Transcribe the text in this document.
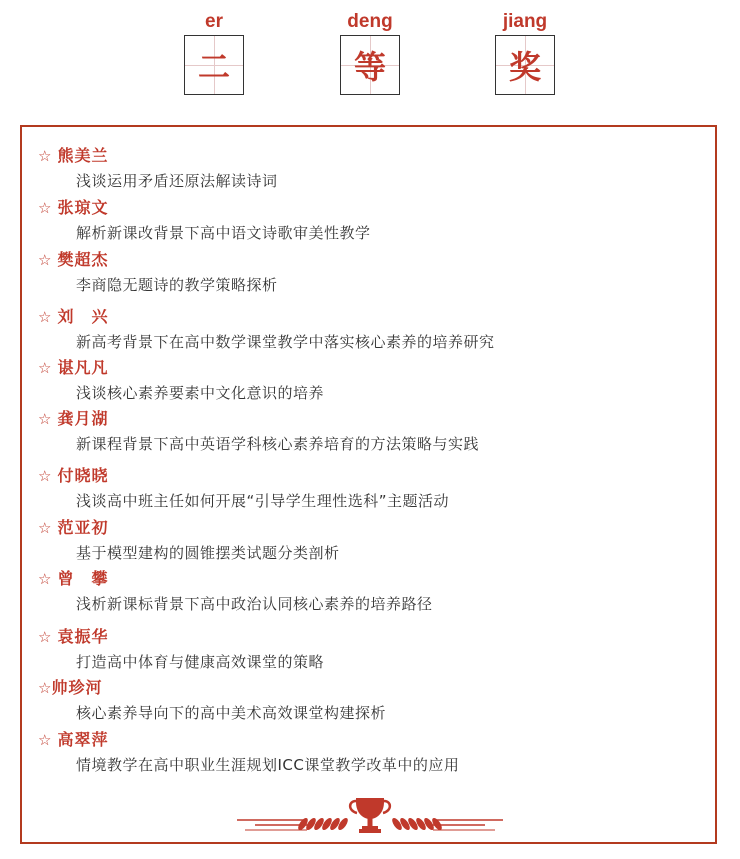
er
二
deng
等
jiang
奖
☆ 熊美兰
浅谈运用矛盾还原法解读诗词
☆ 张琼文
解析新课改背景下高中语文诗歌审美性教学
☆ 樊超杰
李商隐无题诗的教学策略探析
☆ 刘　兴
新高考背景下在高中数学课堂教学中落实核心素养的培养研究
☆ 谌凡凡
浅谈核心素养要素中文化意识的培养
☆ 龚月湖
新课程背景下高中英语学科核心素养培育的方法策略与实践
☆ 付晓晓
浅谈高中班主任如何开展“引导学生理性选科”主题活动
☆ 范亚初
基于模型建构的圆锥摆类试题分类剖析
☆ 曾　攀
浅析新课标背景下高中政治认同核心素养的培养路径
☆ 袁振华
打造高中体育与健康高效课堂的策略
☆帅珍河
核心素养导向下的高中美术高效课堂构建探析
☆ 高翠萍
情境教学在高中职业生涯规划ICC课堂教学改革中的应用
